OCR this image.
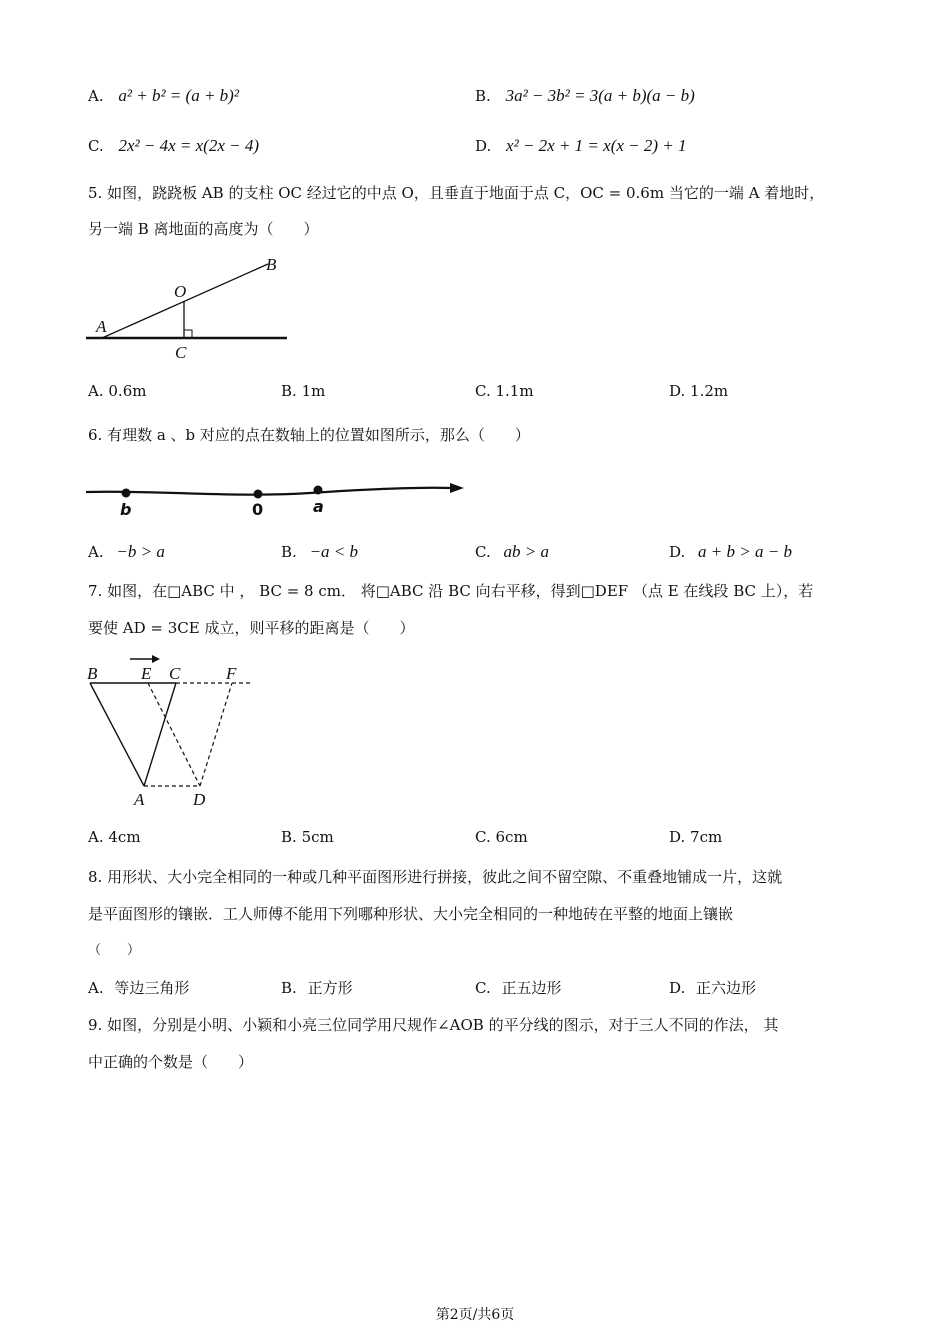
A. a² + b² = (a + b)²	B. 3a² − 3b² = 3(a + b)(a − b)
C. 2x² − 4x = x(2x − 4)	D. x² − 2x + 1 = x(x − 2) + 1
5. 如图，跷跷板 AB 的支柱 OC 经过它的中点 O，且垂直于地面于点 C，OC = 0.6m 当它的一端 A 着地时，
另一端 B 离地面的高度为（　　）
A
B
O
C
A. 0.6m	B. 1m	C. 1.1m	D. 1.2m
6. 有理数 a 、b 对应的点在数轴上的位置如图所示，那么（　　）
b	0	a
A. −b > a	B. −a < b	C. ab > a	D. a + b > a − b
7. 如图，在□ABC 中 ， BC = 8 cm． 将□ABC 沿 BC 向右平移，得到□DEF （点 E 在线段 BC 上），若
要使 AD = 3CE 成立，则平移的距离是（　　）
B	E C	F
A	D
A. 4cm	B. 5cm	C. 6cm	D. 7cm
8. 用形状、大小完全相同的一种或几种平面图形进行拼接，彼此之间不留空隙、不重叠地铺成一片，这就
是平面图形的镶嵌．工人师傅不能用下列哪种形状、大小完全相同的一种地砖在平整的地面上镶嵌
（　　）
A. 等边三角形	B. 正方形	C. 正五边形	D. 正六边形
9. 如图，分别是小明、小颖和小亮三位同学用尺规作∠AOB 的平分线的图示，对于三人不同的作法， 其
中正确的个数是（　　）
第2页/共6页
